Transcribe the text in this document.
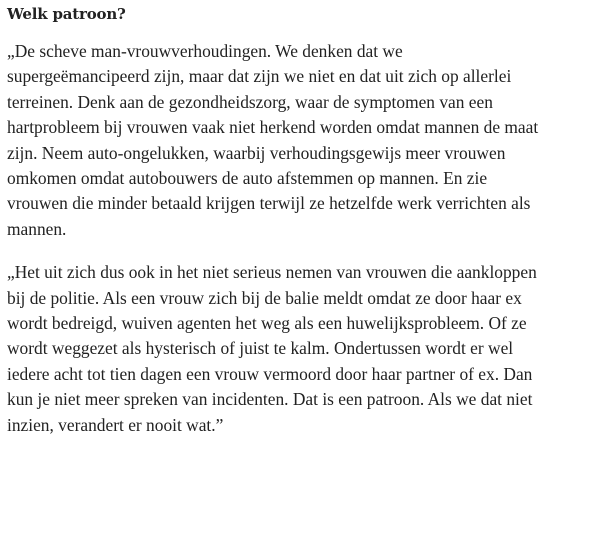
Welk patroon?

„De scheve man-vrouwverhoudingen. We denken dat we
supergeëmancipeerd zijn, maar dat zijn we niet en dat uit zich op allerlei
terreinen. Denk aan de gezondheidszorg, waar de symptomen van een
hartprobleem bij vrouwen vaak niet herkend worden omdat mannen de maat
zijn. Neem auto-ongelukken, waarbij verhoudingsgewijs meer vrouwen
omkomen omdat autobouwers de auto afstemmen op mannen. En zie
vrouwen die minder betaald krijgen terwijl ze hetzelfde werk verrichten als
mannen.

„Het uit zich dus ook in het niet serieus nemen van vrouwen die aankloppen
bij de politie. Als een vrouw zich bij de balie meldt omdat ze door haar ex
wordt bedreigd, wuiven agenten het weg als een huwelijksprobleem. Of ze
wordt weggezet als hysterisch of juist te kalm. Ondertussen wordt er wel
iedere acht tot tien dagen een vrouw vermoord door haar partner of ex. Dan
kun je niet meer spreken van incidenten. Dat is een patroon. Als we dat niet
inzien, verandert er nooit wat.”
